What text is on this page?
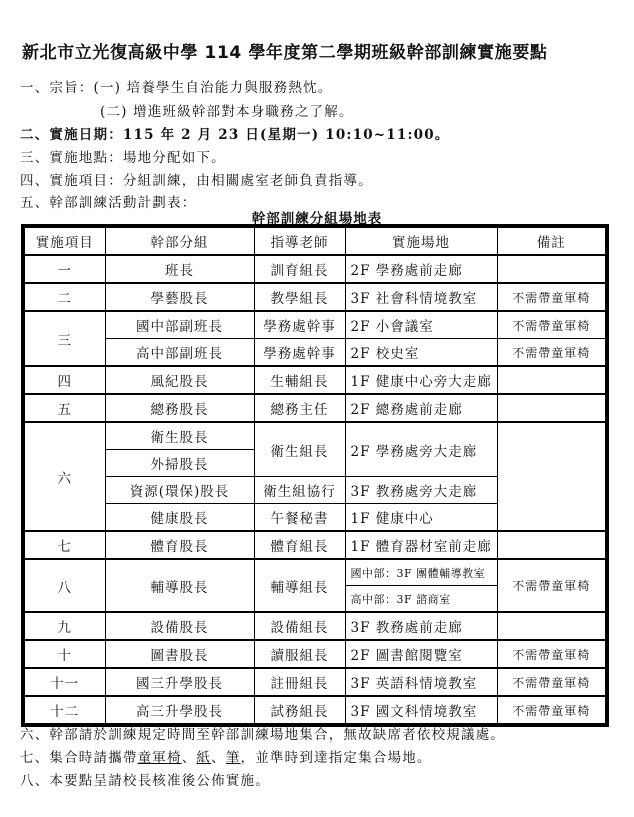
新北市立光復高級中學 114 學年度第二學期班級幹部訓練實施要點
一、宗旨：(一) 培養學生自治能力與服務熱忱。
(二) 增進班級幹部對本身職務之了解。
二、實施日期：115 年 2 月 23 日(星期一) 10:10~11:00。
三、實施地點：場地分配如下。
四、實施項目：分組訓練，由相關處室老師負責指導。
五、幹部訓練活動計劃表：
幹部訓練分組場地表
實施項目	幹部分組	指導老師	實施場地	備註
一	班長	訓育組長	2F 學務處前走廊	
二	學藝股長	教學組長	3F 社會科情境教室	不需帶童軍椅
三	國中部副班長	學務處幹事	2F 小會議室	不需帶童軍椅
	高中部副班長	學務處幹事	2F 校史室	不需帶童軍椅
四	風紀股長	生輔組長	1F 健康中心旁大走廊	
五	總務股長	總務主任	2F 總務處前走廊	
六	衛生股長	衛生組長	2F 學務處旁大走廊	
	外掃股長			
	資源(環保)股長	衛生組協行	3F 教務處旁大走廊	
	健康股長	午餐秘書	1F 健康中心	
七	體育股長	體育組長	1F 體育器材室前走廊	
八	輔導股長	輔導組長	國中部：3F 團體輔導教室	不需帶童軍椅
			高中部：3F 諮商室	
九	設備股長	設備組長	3F 教務處前走廊	
十	圖書股長	讀服組長	2F 圖書館閱覽室	不需帶童軍椅
十一	國三升學股長	註冊組長	3F 英語科情境教室	不需帶童軍椅
十二	高三升學股長	試務組長	3F 國文科情境教室	不需帶童軍椅
六、幹部請於訓練規定時間至幹部訓練場地集合，無故缺席者依校規議處。
七、集合時請攜帶童軍椅、紙、筆，並準時到達指定集合場地。
八、本要點呈請校長核准後公佈實施。
